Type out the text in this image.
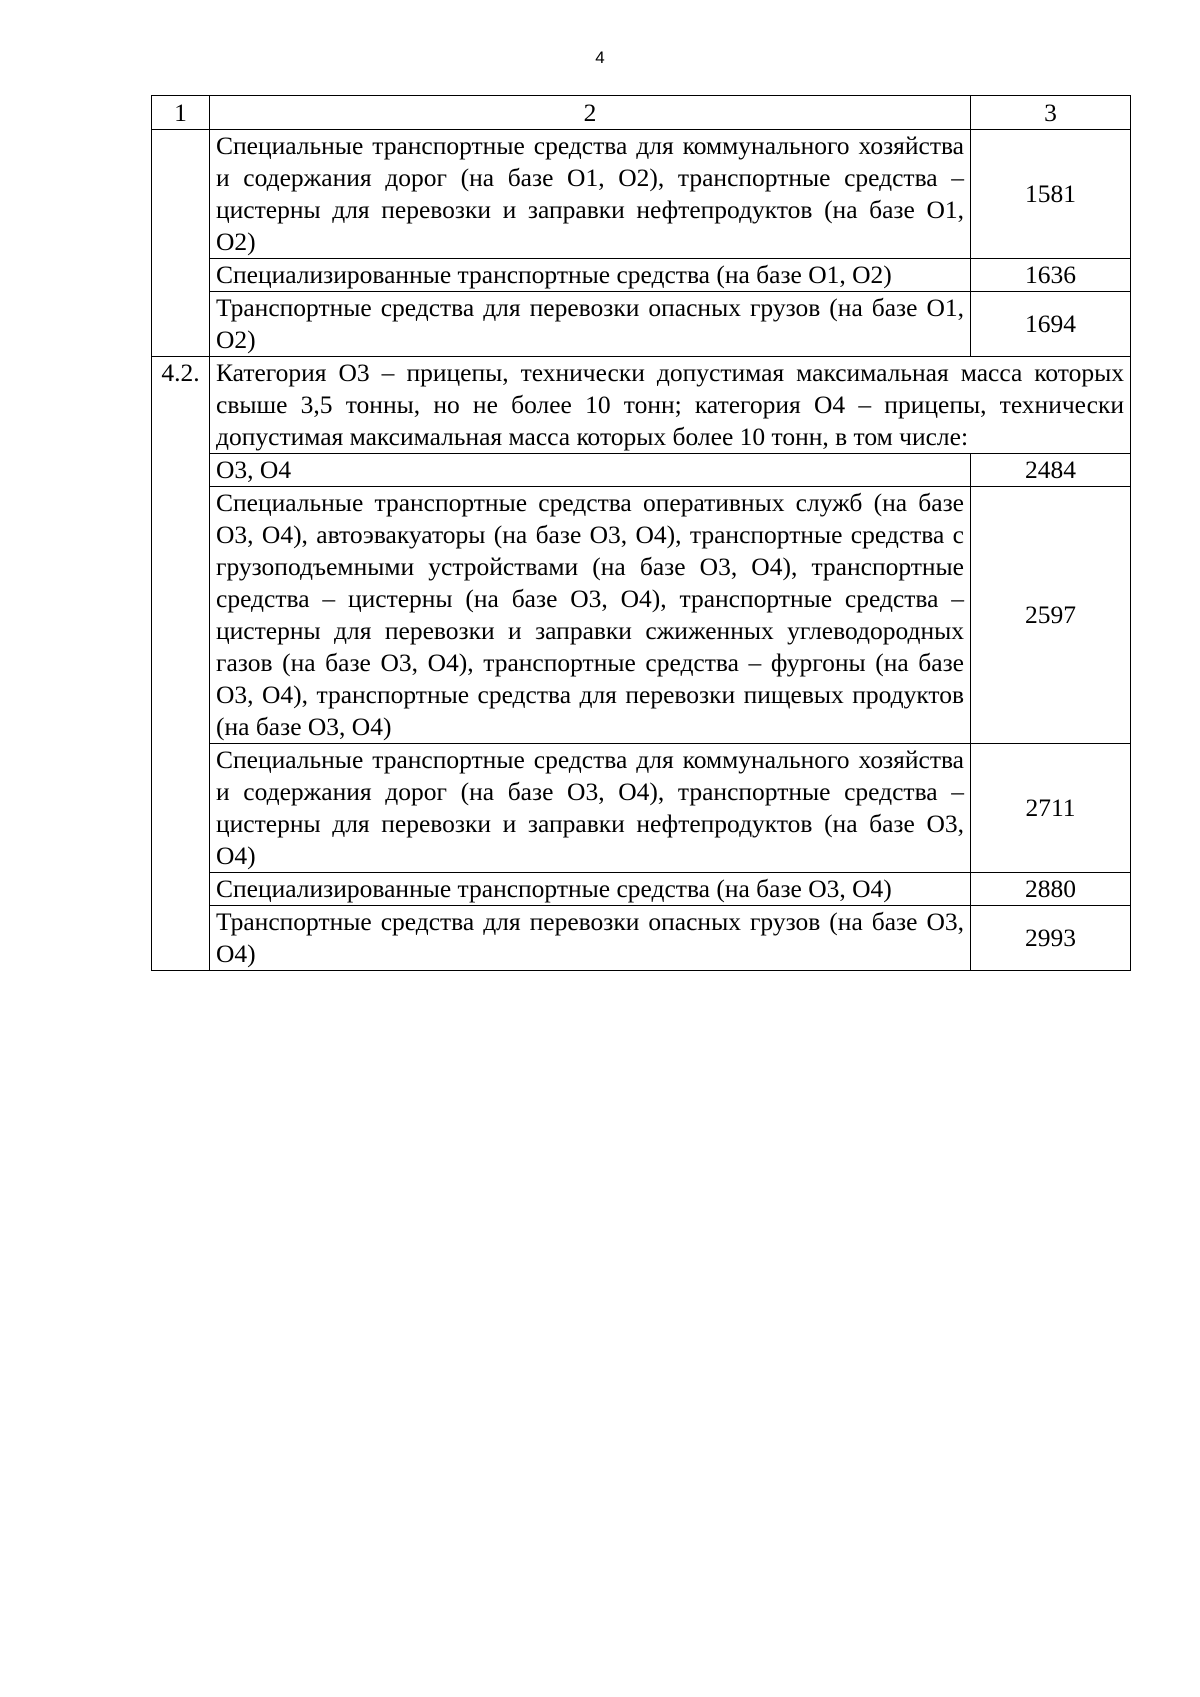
4
1	2	3
	Специальные транспортные средства для коммунального хозяйства и содержания дорог (на базе О1, О2), транспортные средства – цистерны для перевозки и заправки нефтепродуктов (на базе О1, О2)	1581
	Специализированные транспортные средства (на базе О1, О2)	1636
	Транспортные средства для перевозки опасных грузов (на базе О1, О2)	1694
4.2.	Категория О3 – прицепы, технически допустимая максимальная масса которых свыше 3,5 тонны, но не более 10 тонн; категория О4 – прицепы, технически допустимая максимальная масса которых более 10 тонн, в том числе:	
	О3, О4	2484
	Специальные транспортные средства оперативных служб (на базе О3, О4), автоэвакуаторы (на базе О3, О4), транспортные средства с грузоподъемными устройствами (на базе О3, О4), транспортные средства – цистерны (на базе О3, О4), транспортные средства – цистерны для перевозки и заправки сжиженных углеводородных газов (на базе О3, О4), транспортные средства – фургоны (на базе О3, О4), транспортные средства для перевозки пищевых продуктов (на базе О3, О4)	2597
	Специальные транспортные средства для коммунального хозяйства и содержания дорог (на базе О3, О4), транспортные средства – цистерны для перевозки и заправки нефтепродуктов (на базе О3, О4)	2711
	Специализированные транспортные средства (на базе О3, О4)	2880
	Транспортные средства для перевозки опасных грузов (на базе О3, О4)	2993
